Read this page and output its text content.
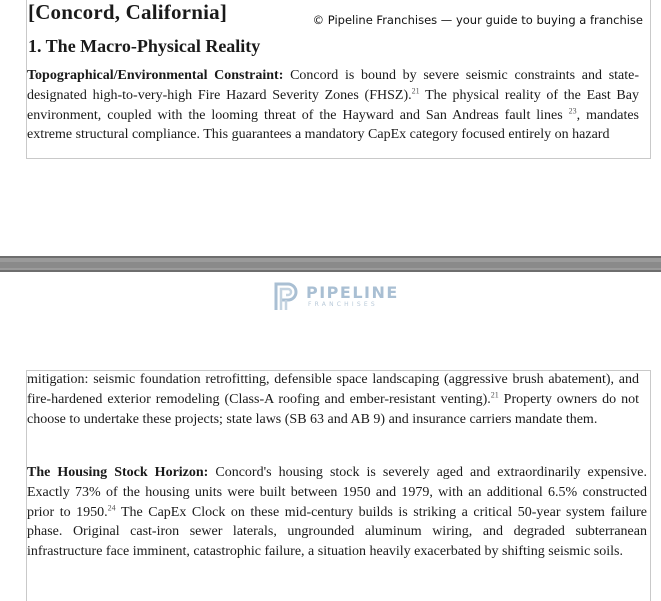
[Concord, California]	© Pipeline Franchises — your guide to buying a franchise
1. The Macro-Physical Reality

Topographical/Environmental Constraint: Concord is bound by severe seismic constraints and state-designated high-to-very-high Fire Hazard Severity Zones (FHSZ).$^{21}$ The physical reality of the East Bay environment, coupled with the looming threat of the Hayward and San Andreas fault lines $^{23}$, mandates extreme structural compliance. This guarantees a mandatory CapEx category focused entirely on hazard

PIPELINE
FRANCHISES

mitigation: seismic foundation retrofitting, defensible space landscaping (aggressive brush abatement), and fire-hardened exterior remodeling (Class-A roofing and ember-resistant venting).$^{21}$ Property owners do not choose to undertake these projects; state laws (SB 63 and AB 9) and insurance carriers mandate them.

The Housing Stock Horizon: Concord's housing stock is severely aged and extraordinarily expensive. Exactly 73% of the housing units were built between 1950 and 1979, with an additional 6.5% constructed prior to 1950.24 The CapEx Clock on these mid-century builds is striking a critical 50-year system failure phase. Original cast-iron sewer laterals, ungrounded aluminum wiring, and degraded subterranean infrastructure face imminent, catastrophic failure, a situation heavily exacerbated by shifting seismic soils.
